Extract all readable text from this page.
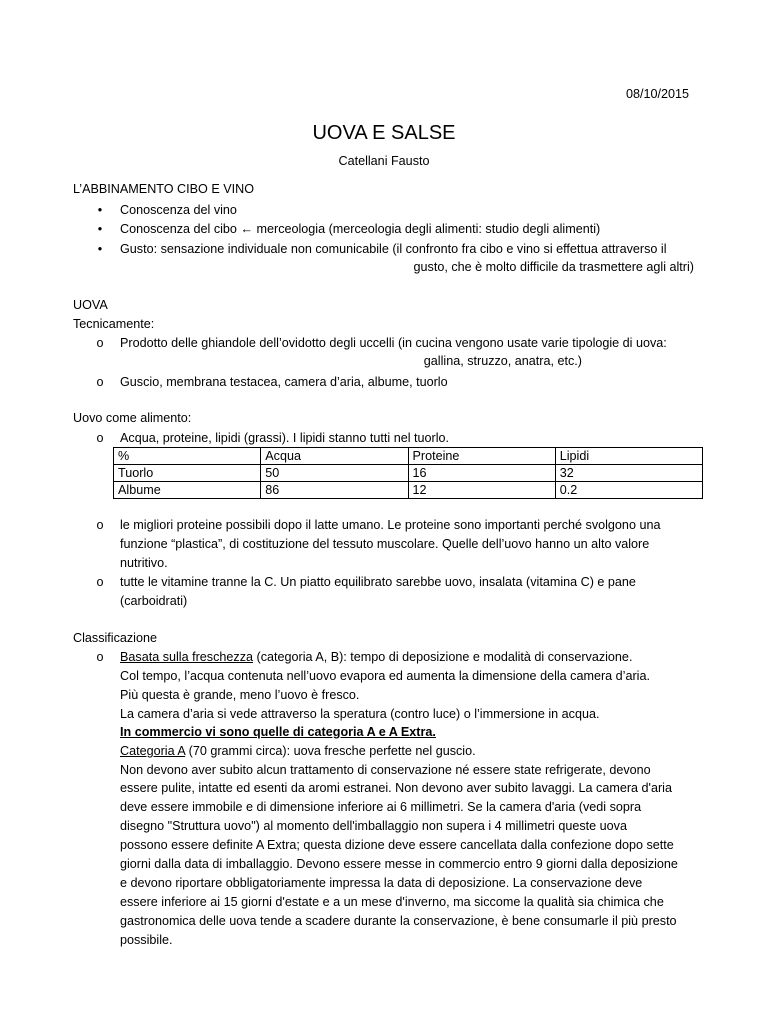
08/10/2015
UOVA E SALSE
Catellani Fausto
L’ABBINAMENTO CIBO E VINO
• Conoscenza del vino
• Conoscenza del cibo ← merceologia (merceologia degli alimenti: studio degli alimenti)
• Gusto: sensazione individuale non comunicabile (il confronto fra cibo e vino si effettua attraverso il
gusto, che è molto difficile da trasmettere agli altri)
UOVA
Tecnicamente:
o Prodotto delle ghiandole dell’ovidotto degli uccelli (in cucina vengono usate varie tipologie di uova:
gallina, struzzo, anatra, etc.)
o Guscio, membrana testacea, camera d’aria, albume, tuorlo
Uovo come alimento:
o Acqua, proteine, lipidi (grassi). I lipidi stanno tutti nel tuorlo.
%	Acqua	Proteine	Lipidi
Tuorlo	50	16	32
Albume	86	12	0.2
o le migliori proteine possibili dopo il latte umano. Le proteine sono importanti perché svolgono una
funzione “plastica”, di costituzione del tessuto muscolare. Quelle dell’uovo hanno un alto valore
nutritivo.
o tutte le vitamine tranne la C. Un piatto equilibrato sarebbe uovo, insalata (vitamina C) e pane
(carboidrati)
Classificazione
o Basata sulla freschezza (categoria A, B): tempo di deposizione e modalità di conservazione.
Col tempo, l’acqua contenuta nell’uovo evapora ed aumenta la dimensione della camera d’aria.
Più questa è grande, meno l’uovo è fresco.
La camera d’aria si vede attraverso la speratura (contro luce) o l’immersione in acqua.
In commercio vi sono quelle di categoria A e A Extra.
Categoria A (70 grammi circa): uova fresche perfette nel guscio.
Non devono aver subito alcun trattamento di conservazione né essere state refrigerate, devono
essere pulite, intatte ed esenti da aromi estranei. Non devono aver subito lavaggi. La camera d'aria
deve essere immobile e di dimensione inferiore ai 6 millimetri. Se la camera d'aria (vedi sopra
disegno "Struttura uovo") al momento dell'imballaggio non supera i 4 millimetri queste uova
possono essere definite A Extra; questa dizione deve essere cancellata dalla confezione dopo sette
giorni dalla data di imballaggio. Devono essere messe in commercio entro 9 giorni dalla deposizione
e devono riportare obbligatoriamente impressa la data di deposizione. La conservazione deve
essere inferiore ai 15 giorni d'estate e a un mese d'inverno, ma siccome la qualità sia chimica che
gastronomica delle uova tende a scadere durante la conservazione, è bene consumarle il più presto
possibile.
